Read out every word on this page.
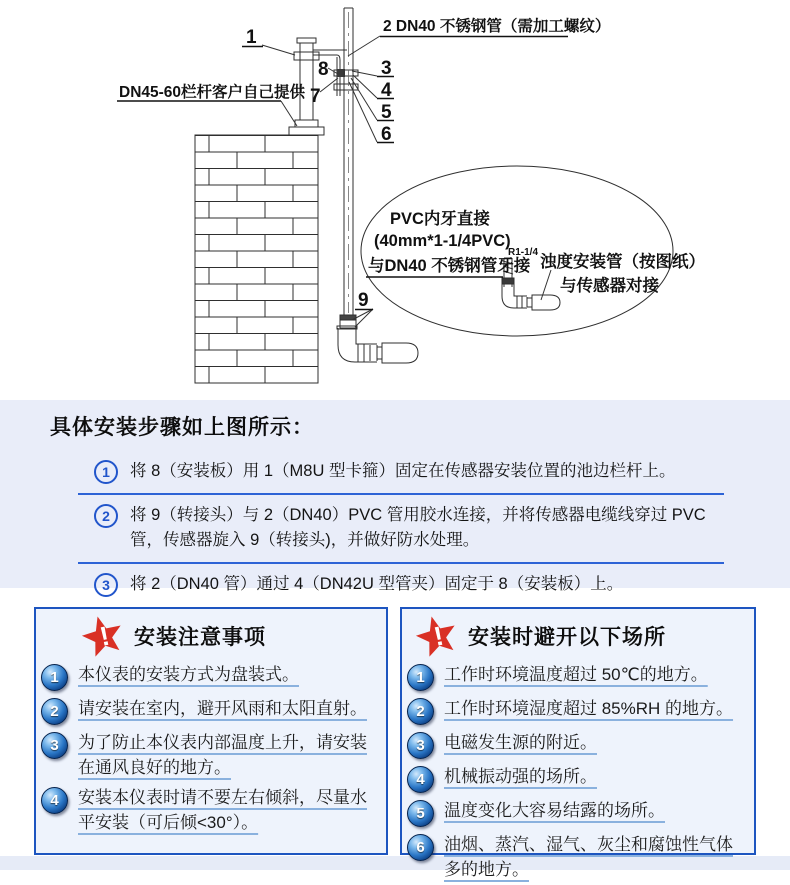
1
2 DN40 不锈钢管（需加工螺纹）
DN45-60栏杆客户自己提供
8
7
3
4
5
6
9
PVC内牙直接
(40mm*1-1/4PVC)
与DN40 不锈钢管牙接
R1-1/4
浊度安装管（按图纸）
与传感器对接
具体安装步骤如上图所示：
1	将 8（安装板）用 1（M8U 型卡箍）固定在传感器安装位置的池边栏杆上。
2	将 9（转接头）与 2（DN40）PVC 管用胶水连接，并将传感器电缆线穿过 PVC 管，传感器旋入 9（转接头)，并做好防水处理。
3	将 2（DN40 管）通过 4（DN42U 型管夹）固定于 8（安装板）上。
! 安装注意事项
1	本仪表的安装方式为盘装式。
2	请安装在室内，避开风雨和太阳直射。
3	为了防止本仪表内部温度上升，请安装在通风良好的地方。
4	安装本仪表时请不要左右倾斜，尽量水平安装（可后倾<30°）。
! 安装时避开以下场所
1	工作时环境温度超过 50℃的地方。
2	工作时环境湿度超过 85%RH 的地方。
3	电磁发生源的附近。
4	机械振动强的场所。
5	温度变化大容易结露的场所。
6	油烟、蒸汽、湿气、灰尘和腐蚀性气体多的地方。
